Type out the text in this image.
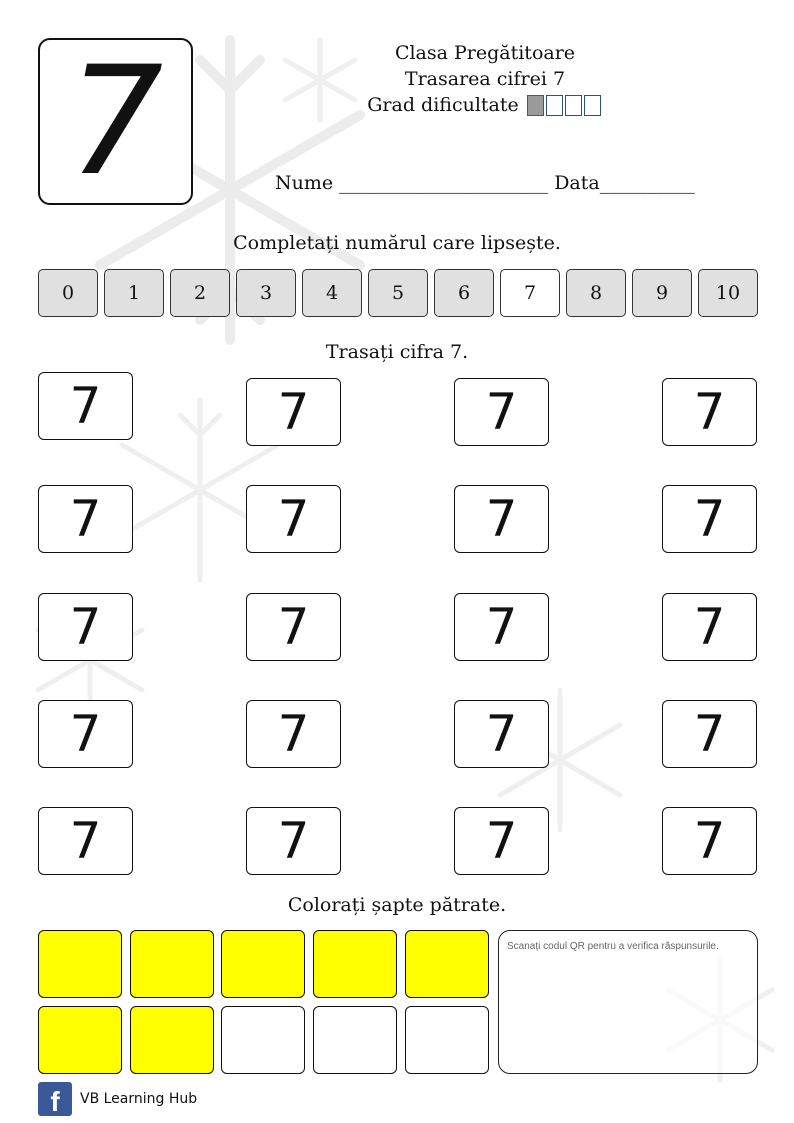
7	Clasa Pregătitoare
Trasarea cifrei 7
Grad dificultate
Nume ______________________ Data__________
Completați numărul care lipsește.
0	1	2	3	4	5	6	7	8	9	10
Trasați cifra 7.
7	7	7	7
7	7	7	7
7	7	7	7
7	7	7	7
7	7	7	7
Colorați șapte pătrate.
Scanați codul QR pentru a verifica răspunsurile.
f	VB Learning Hub
